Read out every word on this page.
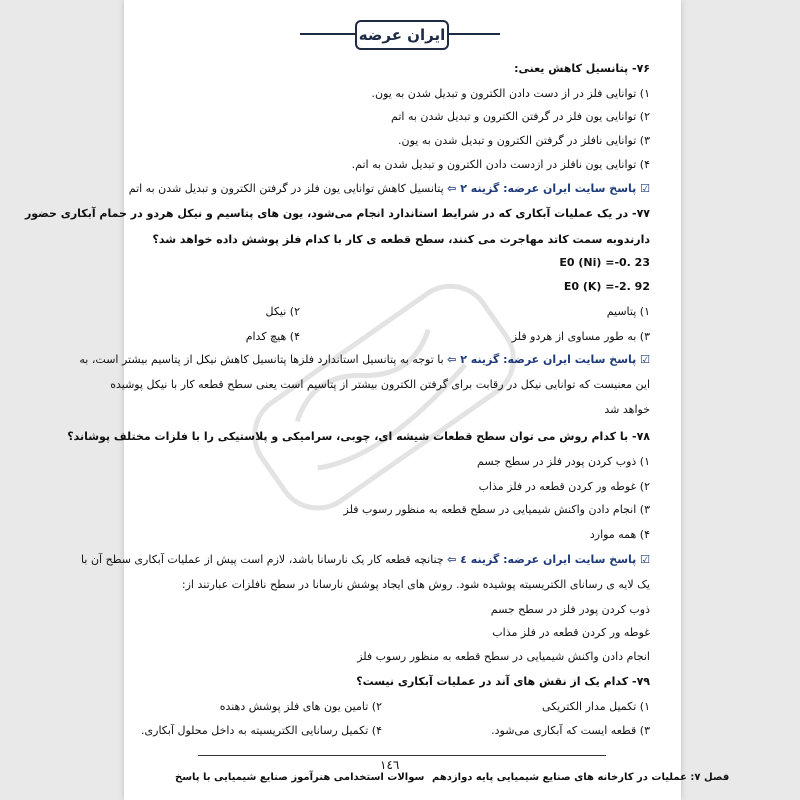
ایران عرضه
۷۶- پتانسیل کاهش یعنی:
۱) توانایی فلز در از دست دادن الکترون و تبدیل شدن به یون.
۲) توانایی یون فلز در گرفتن الکترون و تبدیل شدن به اتم
۳) توانایی نافلز در گرفتن الکترون و تبدیل شدن به یون.
۴) توانایی یون نافلز در ازدست دادن الکترون و تبدیل شدن به اتم.
☑ پاسخ سایت ایران عرضه: گزینه ۲ ⇦ پتانسیل کاهش توانایی یون فلز در گرفتن الکترون و تبدیل شدن به اتم
۷۷- در یک عملیات آبکاری که در شرایط استاندارد انجام می‌شود، یون های پتاسیم و نیکل هردو در حمام آبکاری حضور
دارندوبه سمت کاتد مهاجرت می کنند، سطح قطعه ی کار با کدام فلز پوشش داده خواهد شد؟
E0 (Ni) =-0. 23
E0 (K) =-2. 92
۱) پتاسیم
۳) به طور مساوی از هردو فلز
☑ پاسخ سایت ایران عرضه: گزینه ۲ ⇦ با توجه به پتانسیل استاندارد فلزها پتانسیل کاهش نیکل از پتاسیم بیشتر است، به
این معنیست که توانایی نیکل در رقابت برای گرفتن الکترون بیشتر از پتاسیم است یعنی سطح قطعه کار با نیکل پوشیده
خواهد شد
۷۸- با کدام روش می توان سطح قطعات شیشه ای، چوبی، سرامیکی و پلاستیکی را با فلزات مختلف پوشاند؟
۱) ذوب کردن پودر فلز در سطح جسم
۲) غوطه ور کردن قطعه در فلز مذاب
۳) انجام دادن واکنش شیمیایی در سطح قطعه به منظور رسوب فلز
۴) همه موارد
☑ پاسخ سایت ایران عرضه: گزینه ٤ ⇦ چنانچه قطعه کار یک نارسانا باشد، لازم است پیش از عملیات آبکاری سطح آن با
یک لایه ی رسانای الکتریسیته پوشیده شود. روش های ایجاد پوشش نارسانا در سطح نافلزات عبارتند از:
ذوب کردن پودر فلز در سطح جسم
غوطه ور کردن قطعه در فلز مذاب
انجام دادن واکنش شیمیایی در سطح قطعه به منظور رسوب فلز
۷۹- کدام یک از نقش های آند در عملیات آبکاری نیست؟
۱) تکمیل مدار الکتریکی
۳) قطعه ایست که آبکاری می‌شود.
۲) نیکل
۴) هیچ کدام
۲) تامین یون های فلز پوشش دهنده
۴) تکمیل رسانایی الکتریسیته به داخل محلول آبکاری.
۱٤٦
سوالات استخدامی هنرآموز صنایع شیمیایی با پاسخ فصل ۷: عملیات در کارخانه های صنایع شیمیایی پایه دوازدهم
